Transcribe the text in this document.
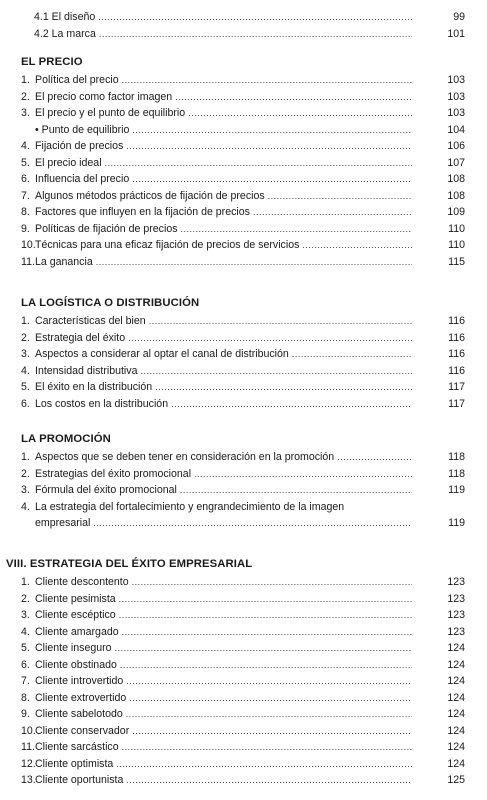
4.1 El diseño .....	99
4.2 La marca .....	101
EL PRECIO
1. Política del precio .....	103
2. El precio como factor imagen .....	103
3. El precio y el punto de equilibrio .....	103
• Punto de equilibrio .....	104
4. Fijación de precios .....	106
5. El precio ideal .....	107
6. Influencia del precio .....	108
7. Algunos métodos prácticos de fijación de precios .....	108
8. Factores que influyen en la fijación de precios .....	109
9. Políticas de fijación de precios .....	110
10. Técnicas para una eficaz fijación de precios de servicios .....	110
11. La ganancia .....	115
LA LOGÍSTICA O DISTRIBUCIÓN
1. Características del bien .....	116
2. Estrategia del éxito .....	116
3. Aspectos a considerar al optar el canal de distribución .....	116
4. Intensidad distributiva .....	116
5. El éxito en la distribución .....	117
6. Los costos en la distribución .....	117
LA PROMOCIÓN
1. Aspectos que se deben tener en consideración en la promoción .....	118
2. Estrategias del éxito promocional .....	118
3. Fórmula del éxito promocional .....	119
4. La estrategia del fortalecimiento y engrandecimiento de la imagen
empresarial .....	119
VIII. ESTRATEGIA DEL ÉXITO EMPRESARIAL
1. Cliente descontento .....	123
2. Cliente pesimista .....	123
3. Cliente escéptico .....	123
4. Cliente amargado .....	123
5. Cliente inseguro .....	124
6. Cliente obstinado .....	124
7. Cliente introvertido .....	124
8. Cliente extrovertido .....	124
9. Cliente sabelotodo .....	124
10. Cliente conservador .....	124
11. Cliente sarcástico .....	124
12. Cliente optimista .....	124
13. Cliente oportunista .....	125
